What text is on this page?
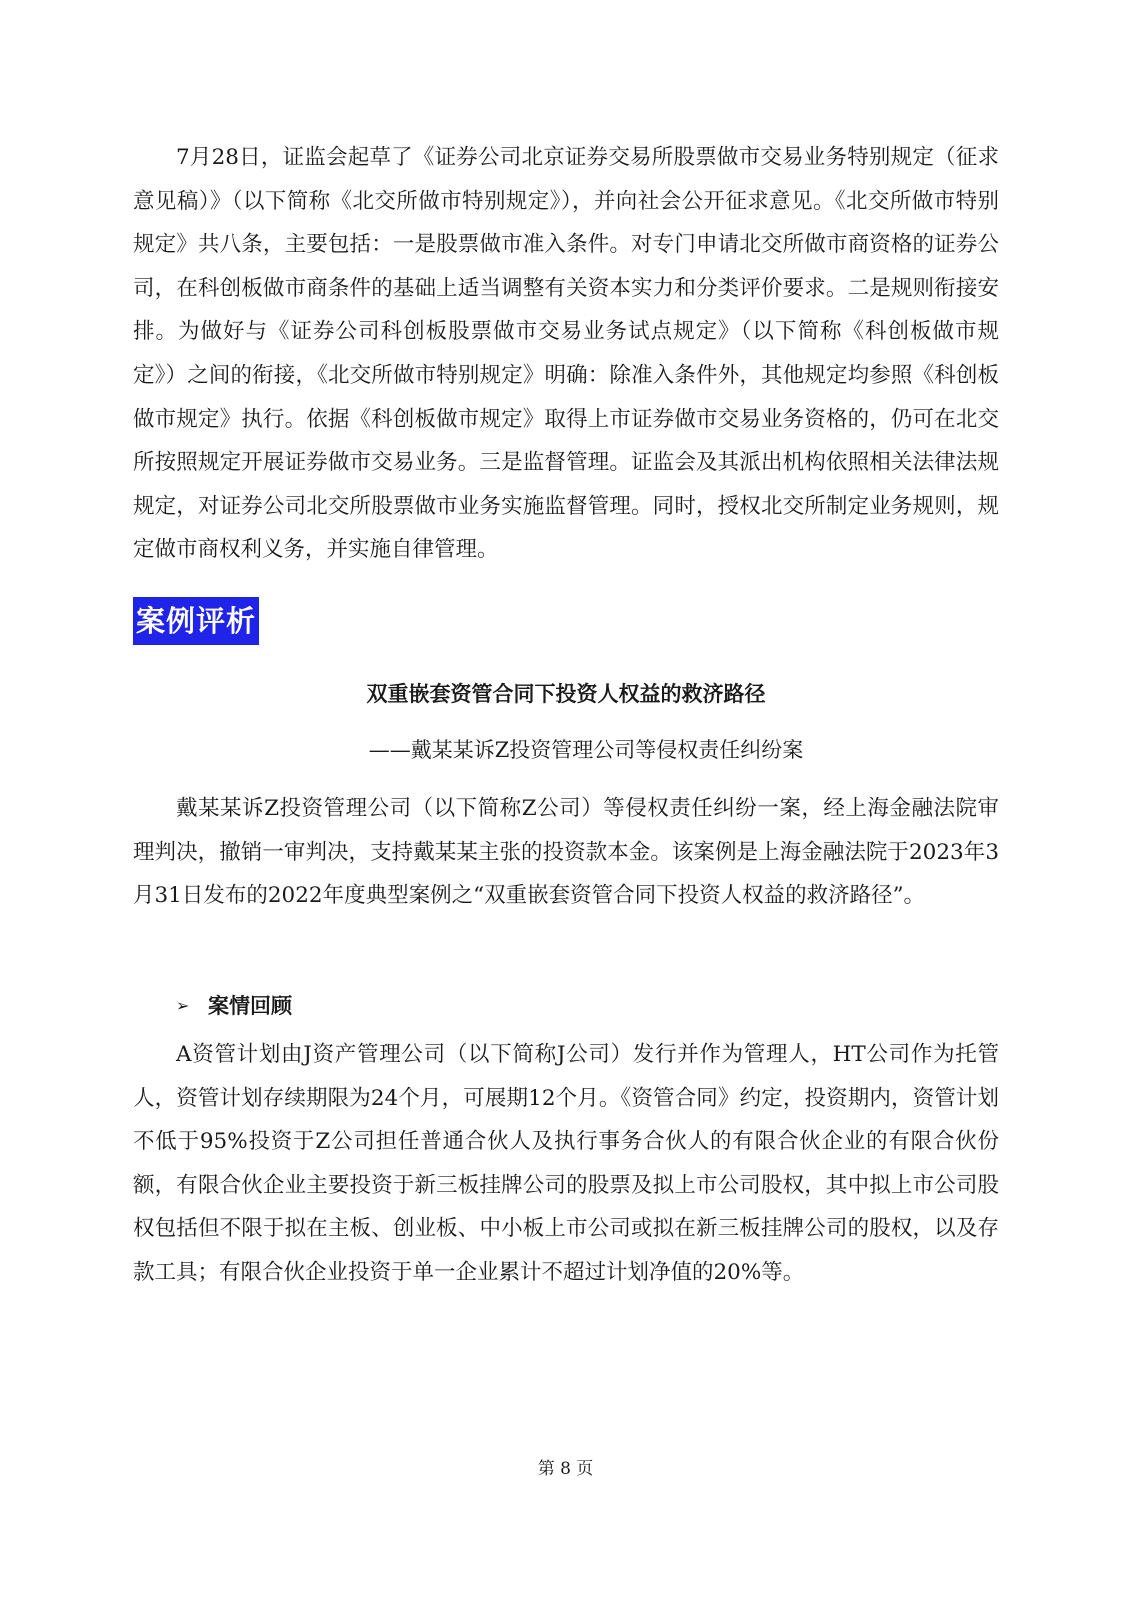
7月28日，证监会起草了《证券公司北京证券交易所股票做市交易业务特别规定（征求意见稿）》（以下简称《北交所做市特别规定》），并向社会公开征求意见。《北交所做市特别规定》共八条，主要包括：一是股票做市准入条件。对专门申请北交所做市商资格的证券公司，在科创板做市商条件的基础上适当调整有关资本实力和分类评价要求。二是规则衔接安排。为做好与《证券公司科创板股票做市交易业务试点规定》（以下简称《科创板做市规定》）之间的衔接，《北交所做市特别规定》明确：除准入条件外，其他规定均参照《科创板做市规定》执行。依据《科创板做市规定》取得上市证券做市交易业务资格的，仍可在北交所按照规定开展证券做市交易业务。三是监督管理。证监会及其派出机构依照相关法律法规规定，对证券公司北交所股票做市业务实施监督管理。同时，授权北交所制定业务规则，规定做市商权利义务，并实施自律管理。

案例评析
双重嵌套资管合同下投资人权益的救济路径
——戴某某诉Z投资管理公司等侵权责任纠纷案

戴某某诉Z投资管理公司（以下简称Z公司）等侵权责任纠纷一案，经上海金融法院审理判决，撤销一审判决，支持戴某某主张的投资款本金。该案例是上海金融法院于2023年3月31日发布的2022年度典型案例之“双重嵌套资管合同下投资人权益的救济路径”。

➢ 案情回顾

A资管计划由J资产管理公司（以下简称J公司）发行并作为管理人，HT公司作为托管人，资管计划存续期限为24个月，可展期12个月。《资管合同》约定，投资期内，资管计划不低于95%投资于Z公司担任普通合伙人及执行事务合伙人的有限合伙企业的有限合伙份额，有限合伙企业主要投资于新三板挂牌公司的股票及拟上市公司股权，其中拟上市公司股权包括但不限于拟在主板、创业板、中小板上市公司或拟在新三板挂牌公司的股权，以及存款工具；有限合伙企业投资于单一企业累计不超过计划净值的20%等。

第 8 页
